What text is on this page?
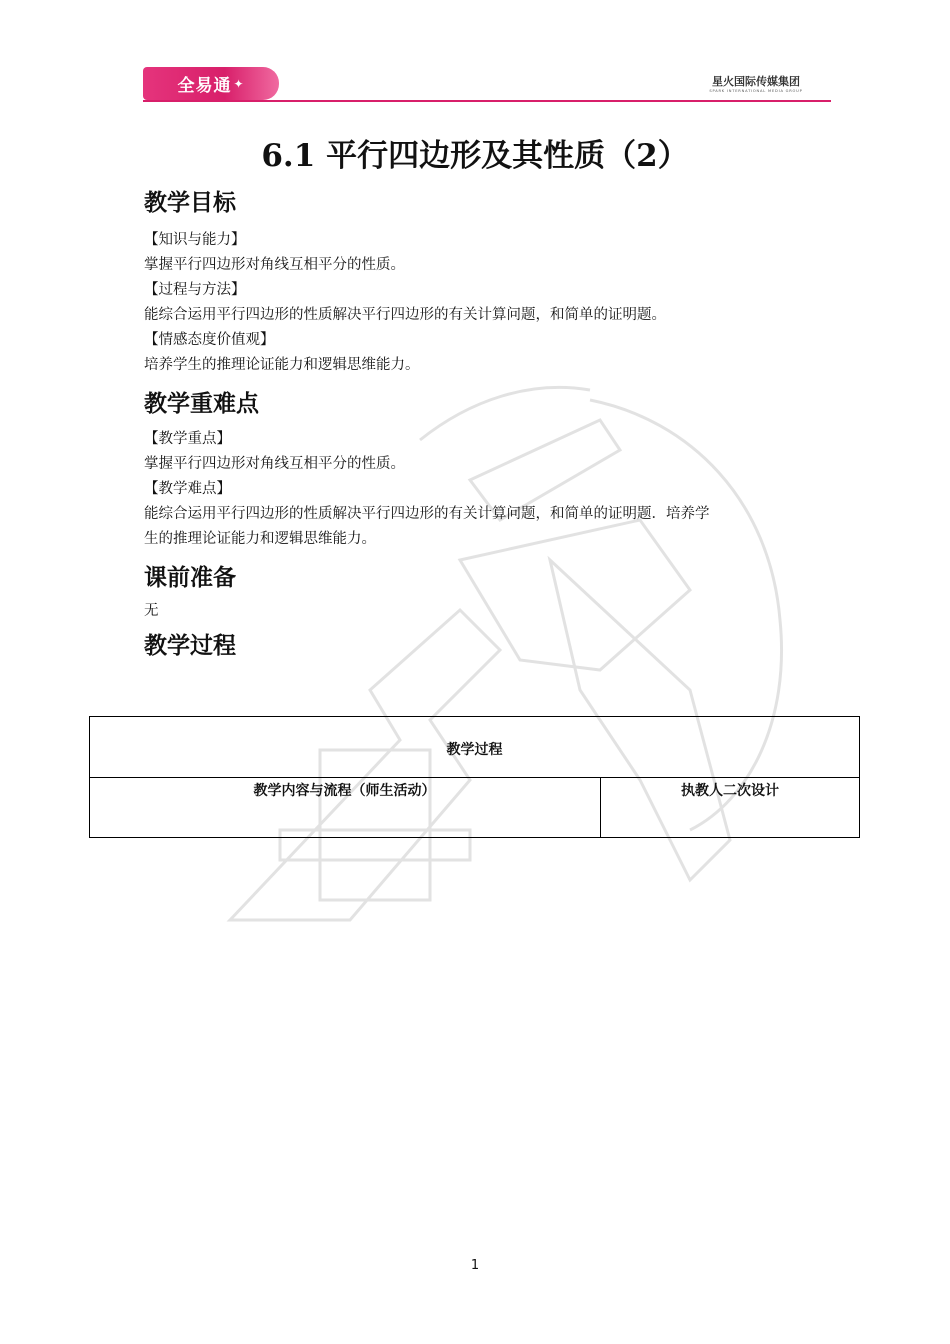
全易通 ✦	星火国际传媒集团
SPARK INTERNATIONAL MEDIA GROUP
6.1 平行四边形及其性质（2）
教学目标
【知识与能力】
掌握平行四边形对角线互相平分的性质。
【过程与方法】
能综合运用平行四边形的性质解决平行四边形的有关计算问题，和简单的证明题。
【情感态度价值观】
培养学生的推理论证能力和逻辑思维能力。
教学重难点
【教学重点】
掌握平行四边形对角线互相平分的性质。
【教学难点】
能综合运用平行四边形的性质解决平行四边形的有关计算问题，和简单的证明题．培养学
生的推理论证能力和逻辑思维能力。
课前准备
无
教学过程
教学过程
教学内容与流程（师生活动）	执教人二次设计
1
